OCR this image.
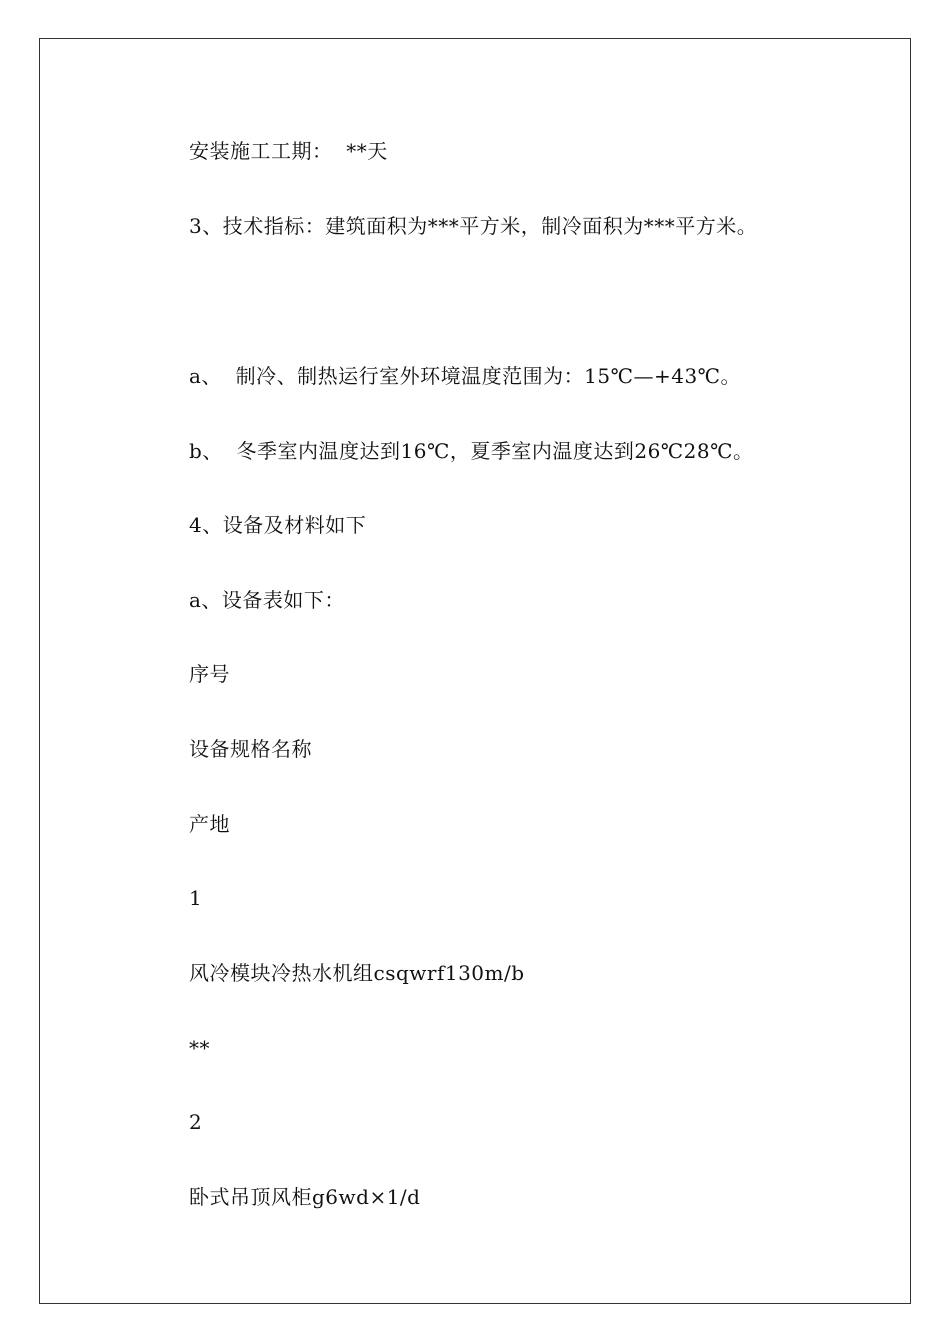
安装施工工期：  **天
3、技术指标：建筑面积为***平方米，制冷面积为***平方米。
a、  制冷、制热运行室外环境温度范围为：15℃—+43℃。
b、  冬季室内温度达到16℃，夏季室内温度达到26℃28℃。
4、设备及材料如下
a、设备表如下：
序号
设备规格名称
产地
1
风冷模块冷热水机组csqwrf130m/b
**
2
卧式吊顶风柜g6wd×1/d
